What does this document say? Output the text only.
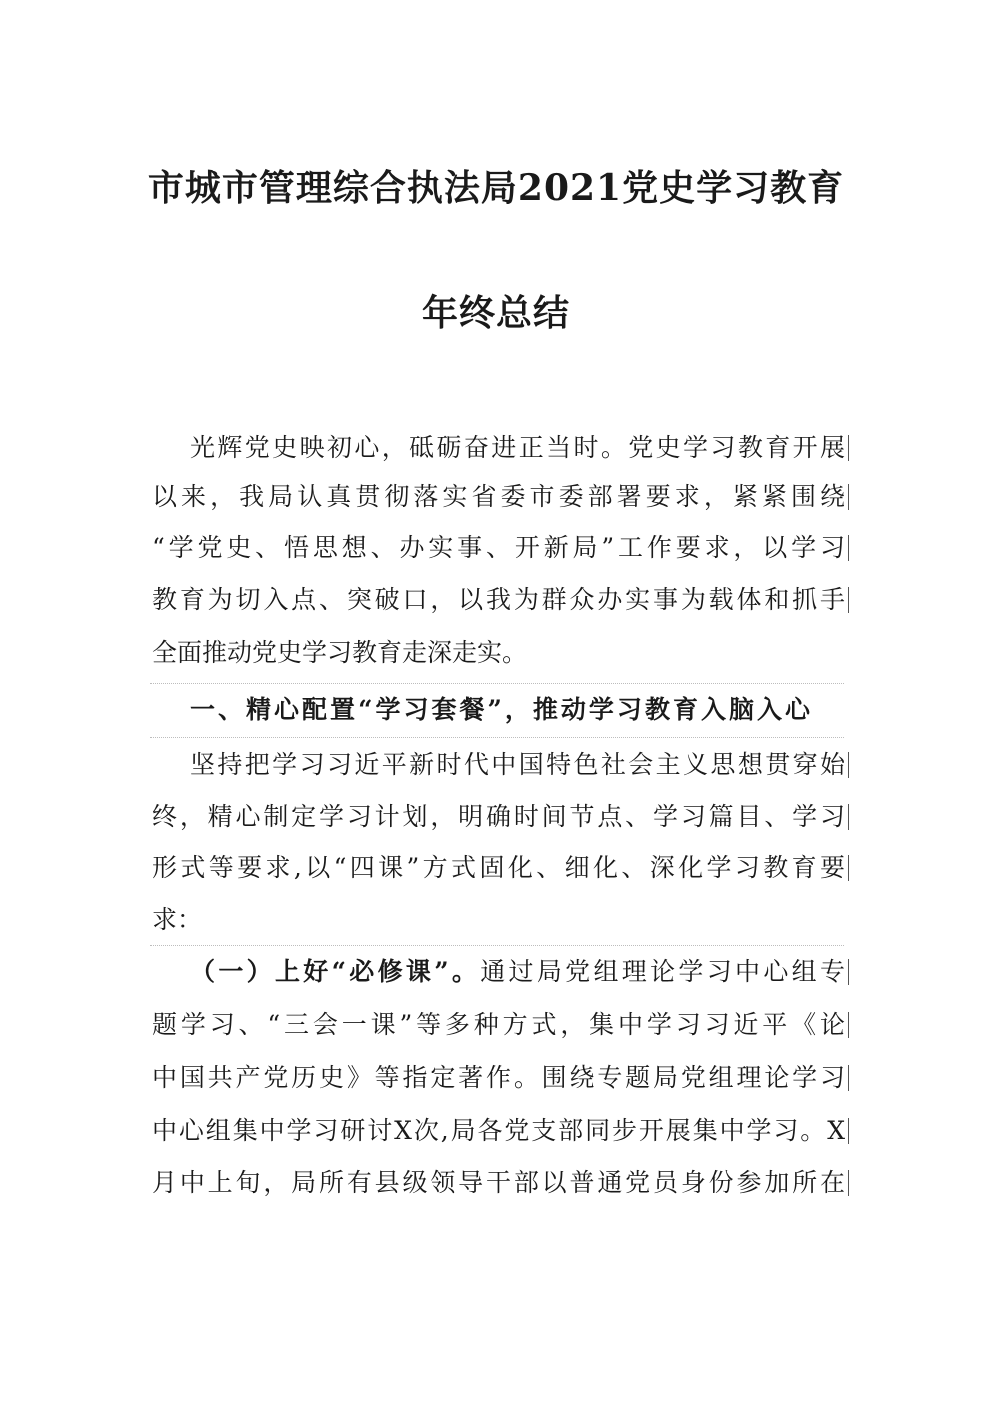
市城市管理综合执法局2021党史学习教育
年终总结
光辉党史映初心，砥砺奋进正当时。党史学习教育开展
以来，我局认真贯彻落实省委市委部署要求，紧紧围绕
“学党史、悟思想、办实事、开新局”工作要求，以学习
教育为切入点、突破口，以我为群众办实事为载体和抓手
全面推动党史学习教育走深走实。
一、精心配置“学习套餐”，推动学习教育入脑入心
坚持把学习习近平新时代中国特色社会主义思想贯穿始
终，精心制定学习计划，明确时间节点、学习篇目、学习
形式等要求,以“四课”方式固化、细化、深化学习教育要
求：
（一）上好“必修课”。通过局党组理论学习中心组专
题学习、“三会一课”等多种方式，集中学习习近平《论
中国共产党历史》等指定著作。围绕专题局党组理论学习
中心组集中学习研讨Ⅹ次,局各党支部同步开展集中学习。Ⅹ
月中上旬，局所有县级领导干部以普通党员身份参加所在
